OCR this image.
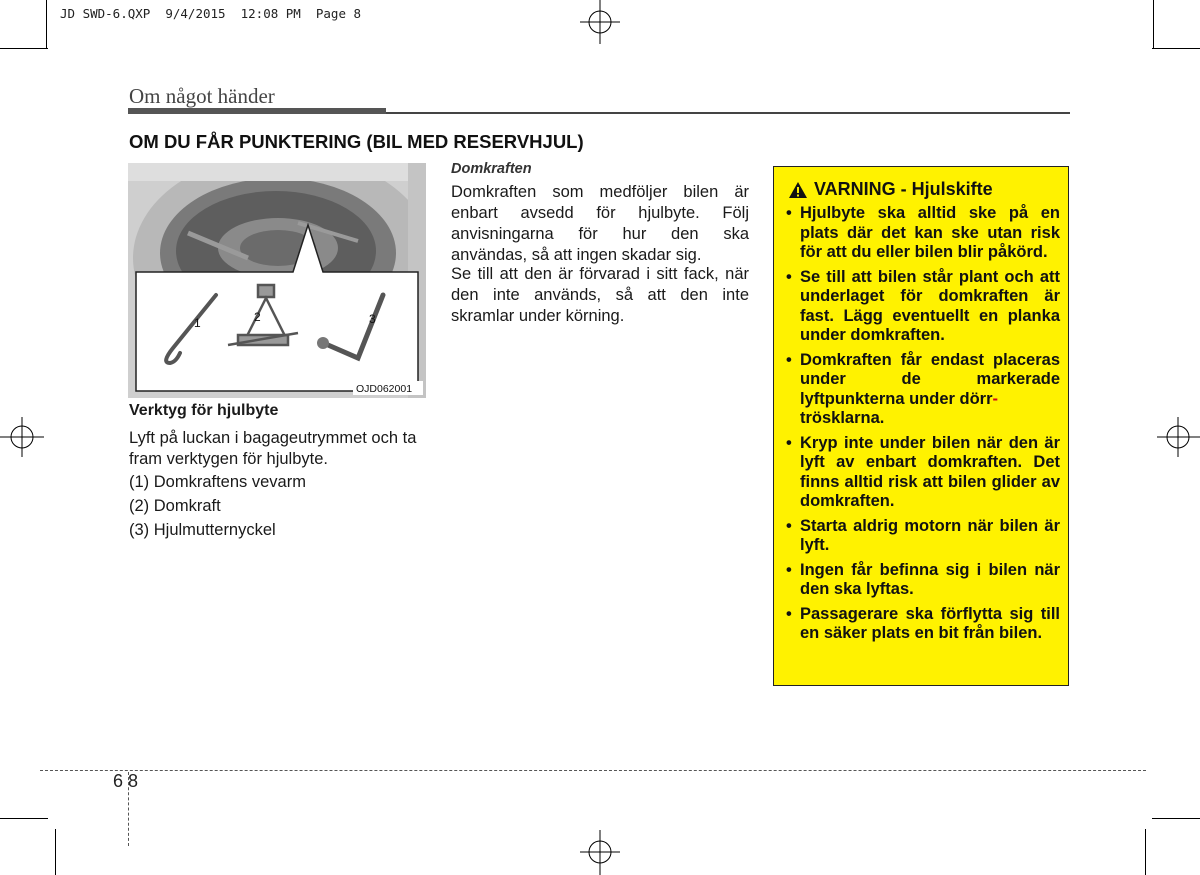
JD SWD-6.QXP  9/4/2015  12:08 PM  Page 8
Om något händer
OM DU FÅR PUNKTERING (BIL MED RESERVHJUL)
1	2	3
OJD062001
Verktyg för hjulbyte
Lyft på luckan i bagageutrymmet och ta fram verktygen för hjulbyte.
(1) Domkraftens vevarm
(2) Domkraft
(3) Hjulmutternyckel
Domkraften
Domkraften som medföljer bilen är enbart avsedd för hjulbyte. Följ anvisningarna för hur den ska användas, så att ingen skadar sig.
Se till att den är förvarad i sitt fack, när den inte används, så att den inte skramlar under körning.
VARNING - Hjulskifte
• Hjulbyte ska alltid ske på en plats där det kan ske utan risk för att du eller bilen blir påkörd.
• Se till att bilen står plant och att underlaget för domkraften är fast. Lägg eventuellt en planka under domkraften.
• Domkraften får endast placeras under de markerade lyftpunkterna under dörr-
trösklarna.
• Kryp inte under bilen när den är lyft av enbart domkraften. Det finns alltid risk att bilen glider av domkraften.
• Starta aldrig motorn när bilen är lyft.
• Ingen får befinna sig i bilen när den ska lyftas.
• Passagerare ska förflytta sig till en säker plats en bit från bilen.
6 8
